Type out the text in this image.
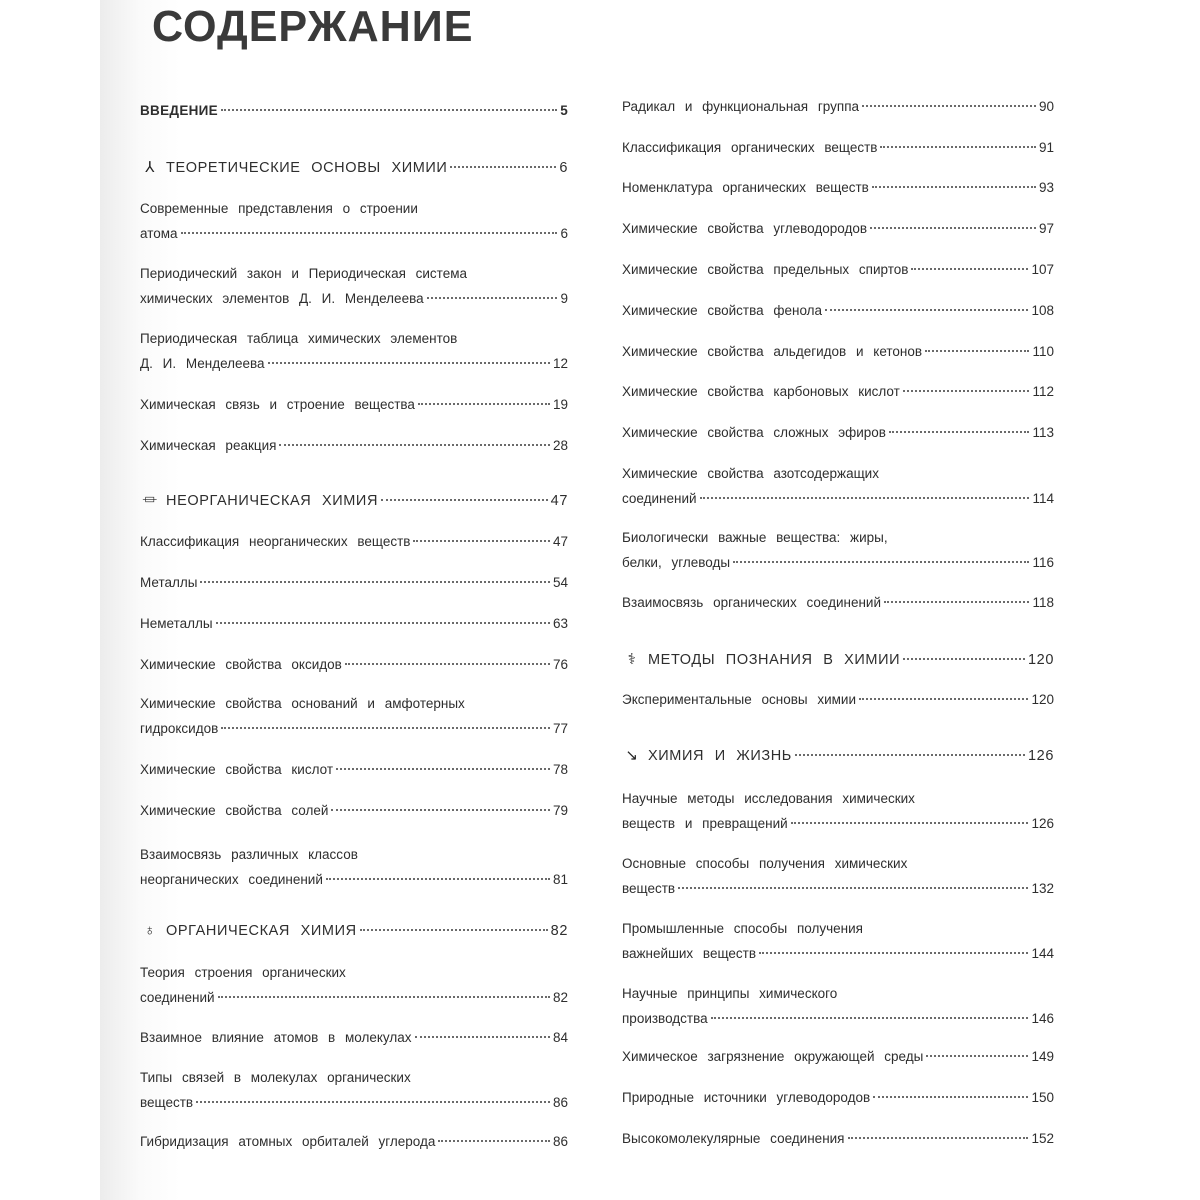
СОДЕРЖАНИЕ
ВВЕДЕНИЕ	5
⅄ ТЕОРЕТИЧЕСКИЕ ОСНОВЫ ХИМИИ	6
Современные представления о строении
атома	6
Периодический закон и Периодическая система
химических элементов Д. И. Менделеева	9
Периодическая таблица химических элементов
Д. И. Менделеева	12
Химическая связь и строение вещества	19
Химическая реакция	28
⏛ НЕОРГАНИЧЕСКАЯ ХИМИЯ	47
Классификация неорганических веществ	47
Металлы	54
Неметаллы	63
Химические свойства оксидов	76
Химические свойства оснований и амфотерных
гидроксидов	77
Химические свойства кислот	78
Химические свойства солей	79
Взаимосвязь различных классов
неорганических соединений	81
♁ ОРГАНИЧЕСКАЯ ХИМИЯ	82
Теория строения органических
соединений	82
Взаимное влияние атомов в молекулах	84
Типы связей в молекулах органических
веществ	86
Гибридизация атомных орбиталей углерода	86
Радикал и функциональная группа	90
Классификация органических веществ	91
Номенклатура органических веществ	93
Химические свойства углеводородов	97
Химические свойства предельных спиртов	107
Химические свойства фенола	108
Химические свойства альдегидов и кетонов	110
Химические свойства карбоновых кислот	112
Химические свойства сложных эфиров	113
Химические свойства азотсодержащих
соединений	114
Биологически важные вещества: жиры,
белки, углеводы	116
Взаимосвязь органических соединений	118
⚕ МЕТОДЫ ПОЗНАНИЯ В ХИМИИ	120
Экспериментальные основы химии	120
↘ ХИМИЯ И ЖИЗНЬ	126
Научные методы исследования химических
веществ и превращений	126
Основные способы получения химических
веществ	132
Промышленные способы получения
важнейших веществ	144
Научные принципы химического
производства	146
Химическое загрязнение окружающей среды	149
Природные источники углеводородов	150
Высокомолекулярные соединения	152
